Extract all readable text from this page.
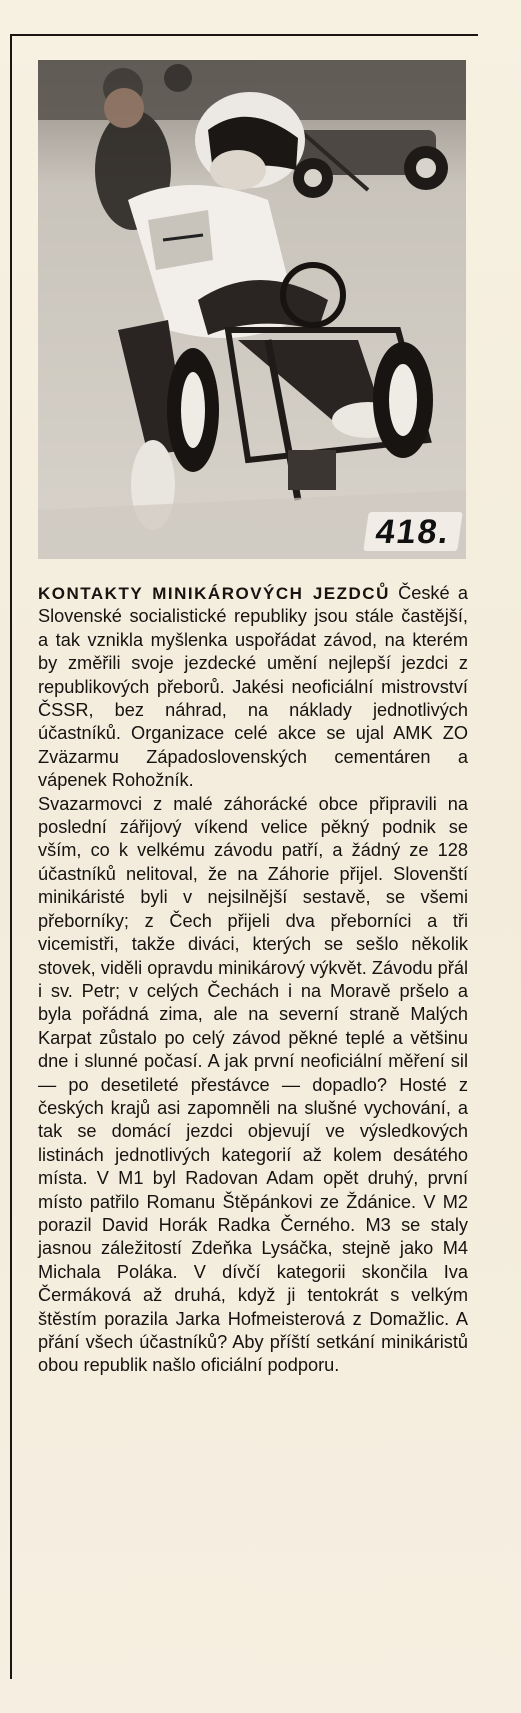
418.

KONTAKTY MINIKÁROVÝCH JEZDCŮ České a Slovenské socialistické republiky jsou stále častější, a tak vznikla myšlenka uspořádat závod, na kterém by změřili svoje jezdecké umění nejlepší jezdci z republikových přeborů. Jakési neoficiální mistrovství ČSSR, bez náhrad, na náklady jednotlivých účastníků. Organizace celé akce se ujal AMK ZO Zväzarmu Západoslovenských cementáren a vápenek Rohožník.

Svazarmovci z malé záhorácké obce připravili na poslední zářijový víkend velice pěkný podnik se vším, co k velkému závodu patří, a žádný ze 128 účastníků nelitoval, že na Záhorie přijel. Slovenští minikáristé byli v nejsilnější sestavě, se všemi přeborníky; z Čech přijeli dva přeborníci a tři vicemistři, takže diváci, kterých se sešlo několik stovek, viděli opravdu minikárový výkvět. Závodu přál i sv. Petr; v celých Čechách i na Moravě pršelo a byla pořádná zima, ale na severní straně Malých Karpat zůstalo po celý závod pěkné teplé a většinu dne i slunné počasí. A jak první neoficiální měření sil — po desetileté přestávce — dopadlo? Hosté z českých krajů asi zapomněli na slušné vychování, a tak se domácí jezdci objevují ve výsledkových listinách jednotlivých kategorií až kolem desátého místa. V M1 byl Radovan Adam opět druhý, první místo patřilo Romanu Štěpánkovi ze Ždánice. V M2 porazil David Horák Radka Černého. M3 se staly jasnou záležitostí Zdeňka Lysáčka, stejně jako M4 Michala Poláka. V dívčí kategorii skončila Iva Čermáková až druhá, když ji tentokrát s velkým štěstím porazila Jarka Hofmeisterová z Domažlic. A přání všech účastníků? Aby příští setkání minikáristů obou republik našlo oficiální podporu.
